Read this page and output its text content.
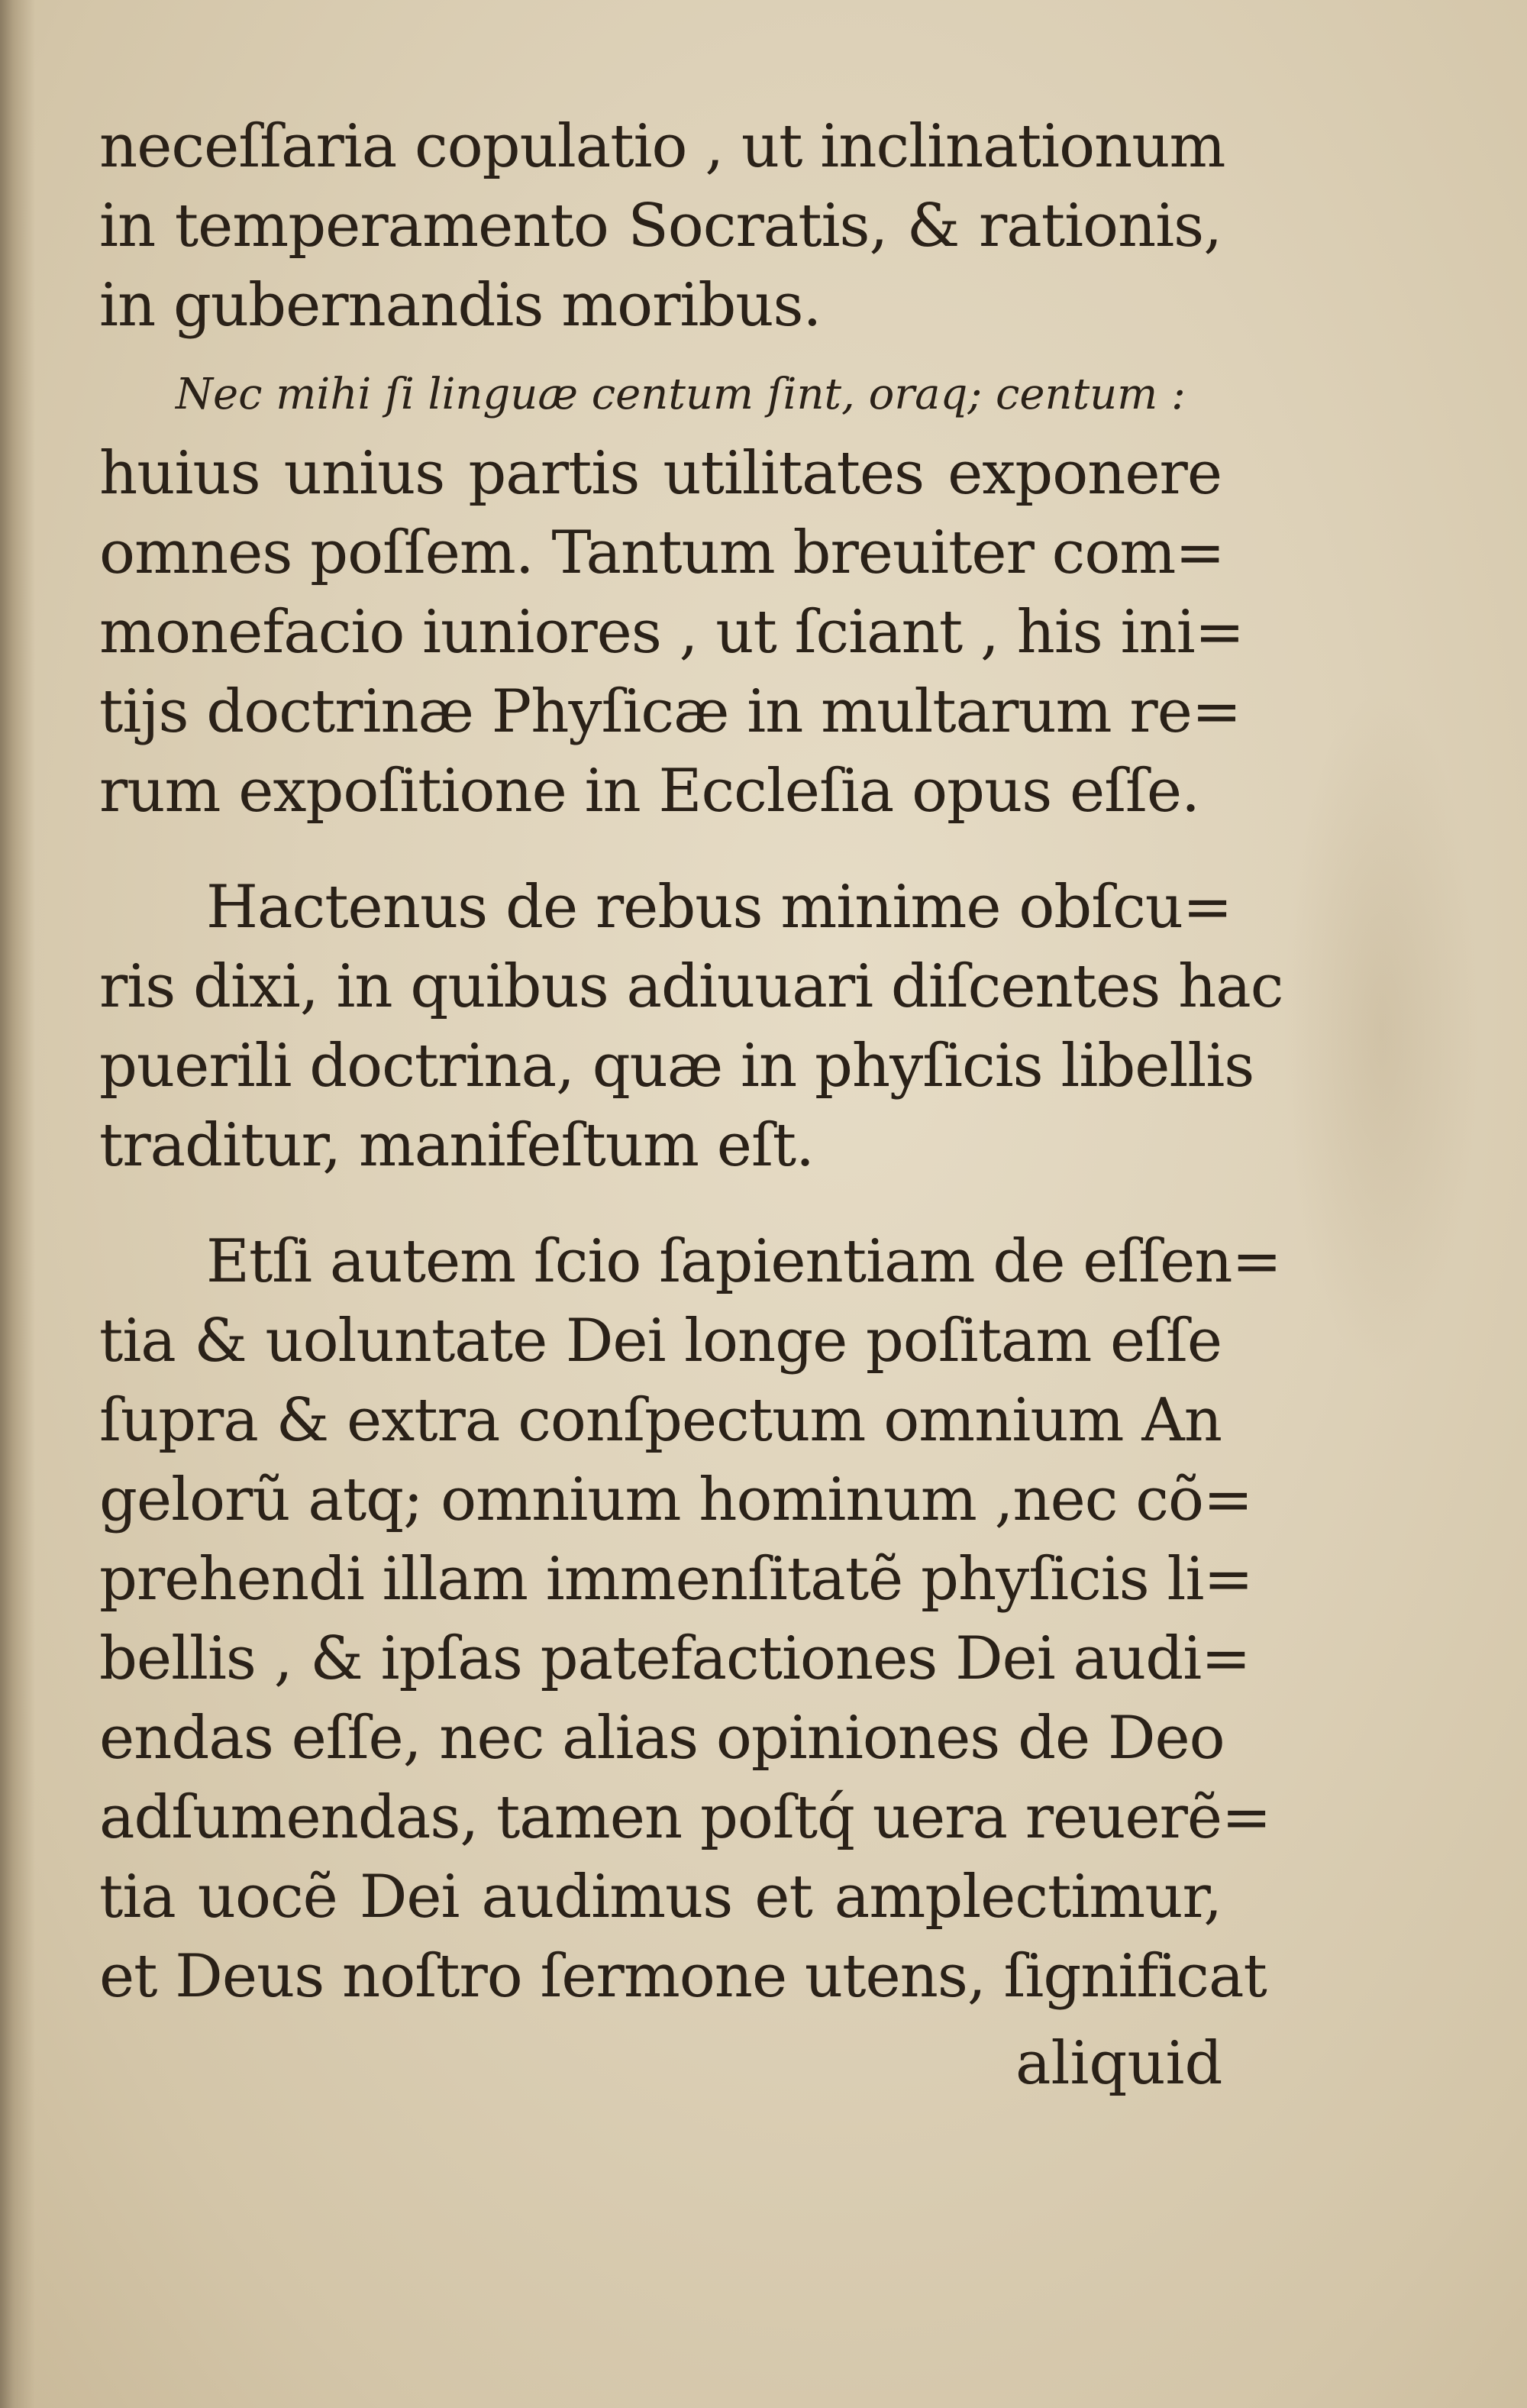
neceſſaria copulatio , ut inclinationum
in temperamento Socratis, & rationis,
in gubernandis moribus.
Nec mihi ſi linguæ centum ſint, oraq; centum :
huius unius partis utilitates exponere
omnes poſſem. Tantum breuiter com=
monefacio iuniores , ut ſciant , his ini=
tijs doctrinæ Phyſicæ in multarum re=
rum expoſitione in Eccleſia opus eſſe.
Hactenus de rebus minime obſcu=
ris dixi, in quibus adiuuari diſcentes hac
puerili doctrina, quæ in phyſicis libellis
traditur, manifeſtum eſt.
Etſi autem ſcio ſapientiam de eſſen=
tia & uoluntate Dei longe poſitam eſſe
ſupra & extra conſpectum omnium An
gelorũ atq; omnium hominum ,nec cõ=
prehendi illam immenſitatẽ phyſicis li=
bellis , & ipſas patefactiones Dei audi=
endas eſſe, nec alias opiniones de Deo
adſumendas, tamen poſtq́ uera reuerẽ=
tia uocẽ Dei audimus et amplectimur,
et Deus noſtro ſermone utens, ſignificat
aliquid
